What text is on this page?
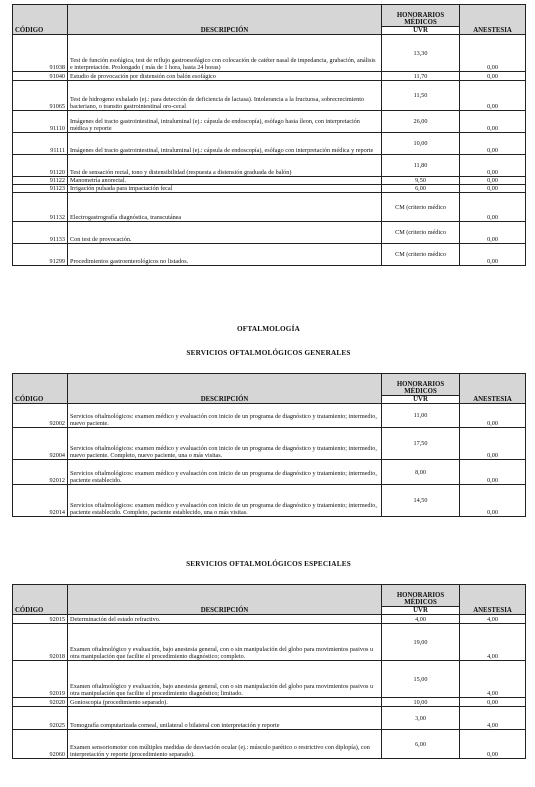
CÓDIGO	DESCRIPCIÓN	HONORARIOS MÉDICOS	ANESTESIA
		UVR	
91038	Test de función esofágica, test de reflujo gastroesofágico con colocación de catéter nasal de impedancia, grabación, análisis e interpretación. Prolongado ( más de 1 hora, hasta 24 horas)	13,30	0,00
91040	Estudio de provocación por distensión con balón esofágico	11,70	0,00
91065	Test de hidrogeno exhalado (ej.: para detección de deficiencia de lactasa). Intolerancia a la fructuosa, sobrecrecimiento bacteriano, o transito gastrointestinal oro-cecal	11,50	0,00
91110	Imágenes del tracto gastrointestinal, intraluminal (ej.: cápsula de endoscopía), esófago hasta íleon, con interpretación médica y reporte	26,00	0,00
91111	Imágenes del tracto gastrointestinal, intraluminal (ej.: cápsula de endoscopía), esófago con interpretación médica y reporte	10,00	0,00
91120	Test de sensación rectal, tono y distensibilidad (respuesta a distensión graduada de balón)	11,80	0,00
91122	Manometría anorectal.	9,50	0,00
91123	Irrigación pulsada para impactación fecal	6,00	0,00
91132	Electrogastrografía diagnóstica, transcutánea	CM (criterio médico	0,00
91133	Con test de provocación.	CM (criterio médico	0,00
91299	Procedimientos gastroenterológicos no listados.	CM (criterio médico	0,00
OFTALMOLOGÍA
SERVICIOS OFTALMOLÓGICOS GENERALES
CÓDIGO	DESCRIPCIÓN	HONORARIOS MÉDICOS	ANESTESIA
		UVR	
92002	Servicios oftalmológicos: examen médico y evaluación con inicio de un programa de diagnóstico y tratamiento; intermedio, nuevo paciente.	11,00	0,00
92004	Servicios oftalmológicos: examen médico y evaluación con inicio de un programa de diagnóstico y tratamiento; intermedio, nuevo paciente. Completo, nuevo paciente, una o más visitas.	17,50	0,00
92012	Servicios oftalmológicos: examen médico y evaluación con inicio de un programa de diagnóstico y tratamiento; intermedio, paciente establecido.	8,00	0,00
92014	Servicios oftalmológicos: examen médico y evaluación con inicio de un programa de diagnóstico y tratamiento; intermedio, paciente establecido. Completo, paciente establecido, una o más visitas.	14,50	0,00
SERVICIOS OFTALMOLÓGICOS ESPECIALES
CÓDIGO	DESCRIPCIÓN	HONORARIOS MÉDICOS	ANESTESIA
		UVR	
92015	Determinación del estado refractivo.	4,00	4,00
92018	Examen oftalmológico y evaluación, bajo anestesia general, con o sin manipulación del globo para movimientos pasivos u otra manipulación que facilite el procedimiento diagnóstico; completo.	19,00	4,00
92019	Examen oftalmológico y evaluación, bajo anestesia general, con o sin manipulación del globo para movimientos pasivos u otra manipulación que facilite el procedimiento diagnóstico; limitado.	15,00	4,00
92020	Gonioscopia (procedimiento separado).	10,00	0,00
92025	Tomografía computarizada corneal, unilateral o bilateral con interpretación y reporte	3,00	4,00
92060	Examen sensoriomotor con múltiples medidas de desviación ocular (ej.: músculo parético o restrictivo con diplopía), con interpretación y reporte (procedimiento separado).	6,00	0,00
